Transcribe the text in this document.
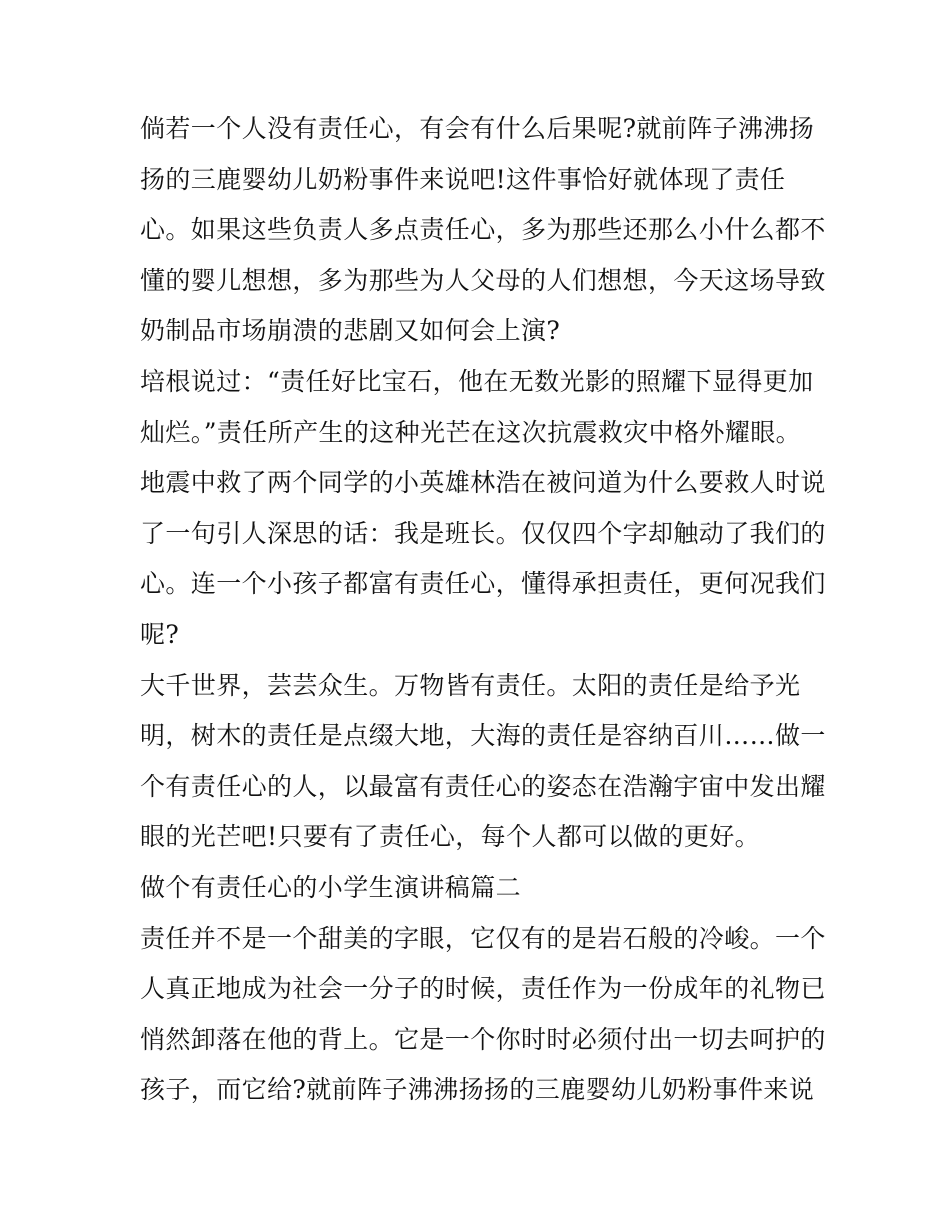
倘若一个人没有责任心，有会有什么后果呢?就前阵子沸沸扬
扬的三鹿婴幼儿奶粉事件来说吧!这件事恰好就体现了责任
心。如果这些负责人多点责任心，多为那些还那么小什么都不
懂的婴儿想想，多为那些为人父母的人们想想，今天这场导致
奶制品市场崩溃的悲剧又如何会上演?
培根说过：“责任好比宝石，他在无数光影的照耀下显得更加
灿烂。”责任所产生的这种光芒在这次抗震救灾中格外耀眼。
地震中救了两个同学的小英雄林浩在被问道为什么要救人时说
了一句引人深思的话：我是班长。仅仅四个字却触动了我们的
心。连一个小孩子都富有责任心，懂得承担责任，更何况我们
呢?
大千世界，芸芸众生。万物皆有责任。太阳的责任是给予光
明，树木的责任是点缀大地，大海的责任是容纳百川……做一
个有责任心的人，以最富有责任心的姿态在浩瀚宇宙中发出耀
眼的光芒吧!只要有了责任心，每个人都可以做的更好。
做个有责任心的小学生演讲稿篇二
责任并不是一个甜美的字眼，它仅有的是岩石般的冷峻。一个
人真正地成为社会一分子的时候，责任作为一份成年的礼物已
悄然卸落在他的背上。它是一个你时时必须付出一切去呵护的
孩子，而它给?就前阵子沸沸扬扬的三鹿婴幼儿奶粉事件来说
